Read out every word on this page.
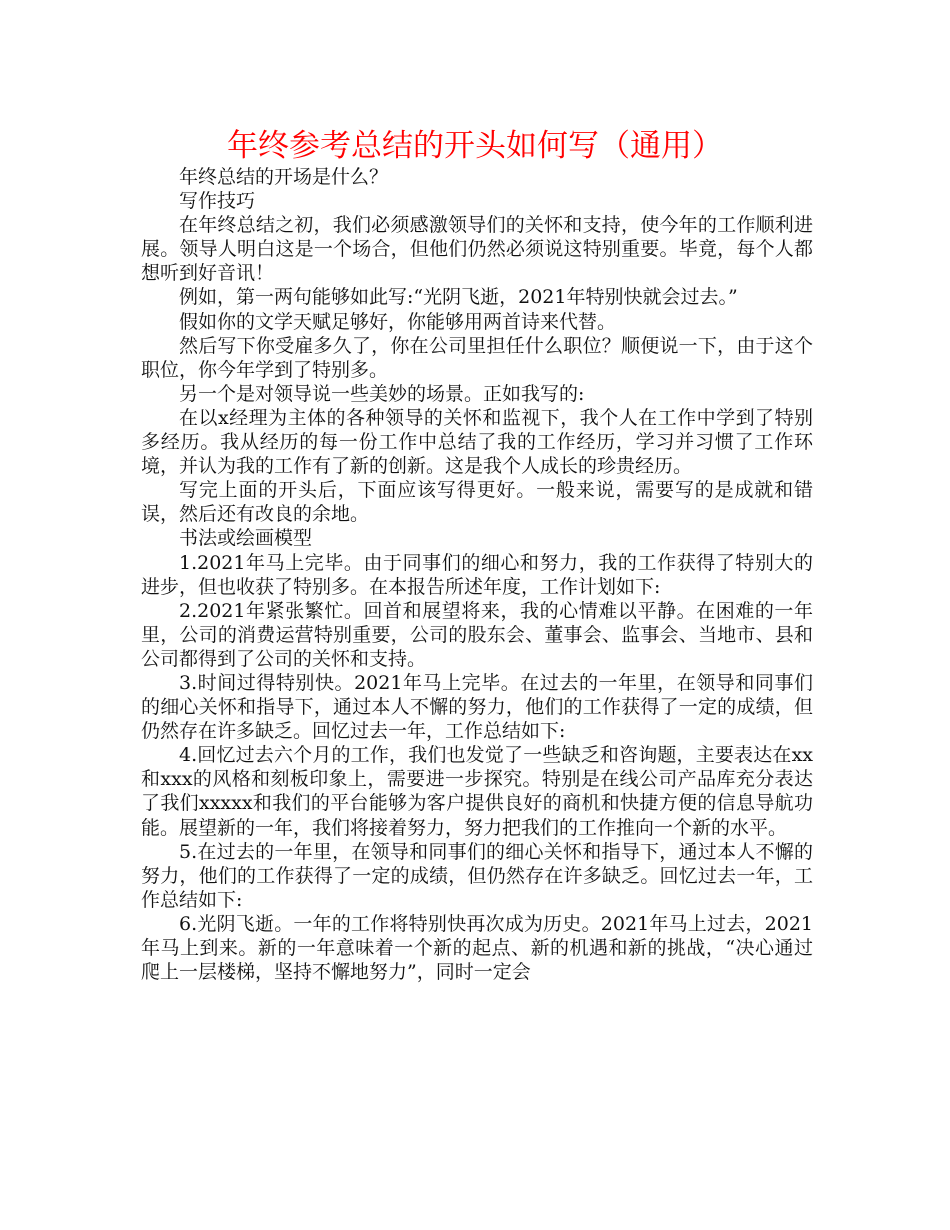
年终参考总结的开头如何写（通用）

年终总结的开场是什么？

写作技巧

在年终总结之初，我们必须感激领导们的关怀和支持，使今年的工作顺利进展。领导人明白这是一个场合，但他们仍然必须说这特别重要。毕竟，每个人都想听到好音讯！

例如，第一两句能够如此写:“光阴飞逝，2021年特别快就会过去。”

假如你的文学天赋足够好，你能够用两首诗来代替。

然后写下你受雇多久了，你在公司里担任什么职位？顺便说一下，由于这个职位，你今年学到了特别多。

另一个是对领导说一些美妙的场景。正如我写的:

在以x经理为主体的各种领导的关怀和监视下，我个人在工作中学到了特别多经历。我从经历的每一份工作中总结了我的工作经历，学习并习惯了工作环境，并认为我的工作有了新的创新。这是我个人成长的珍贵经历。

写完上面的开头后，下面应该写得更好。一般来说，需要写的是成就和错误，然后还有改良的余地。

书法或绘画模型

1.2021年马上完毕。由于同事们的细心和努力，我的工作获得了特别大的进步，但也收获了特别多。在本报告所述年度，工作计划如下:

2.2021年紧张繁忙。回首和展望将来，我的心情难以平静。在困难的一年里，公司的消费运营特别重要，公司的股东会、董事会、监事会、当地市、县和公司都得到了公司的关怀和支持。

3.时间过得特别快。2021年马上完毕。在过去的一年里，在领导和同事们的细心关怀和指导下，通过本人不懈的努力，他们的工作获得了一定的成绩，但仍然存在许多缺乏。回忆过去一年，工作总结如下:

4.回忆过去六个月的工作，我们也发觉了一些缺乏和咨询题，主要表达在xx和xxx的风格和刻板印象上，需要进一步探究。特别是在线公司产品库充分表达了我们xxxxx和我们的平台能够为客户提供良好的商机和快捷方便的信息导航功能。展望新的一年，我们将接着努力，努力把我们的工作推向一个新的水平。

5.在过去的一年里，在领导和同事们的细心关怀和指导下，通过本人不懈的努力，他们的工作获得了一定的成绩，但仍然存在许多缺乏。回忆过去一年，工作总结如下:

6.光阴飞逝。一年的工作将特别快再次成为历史。2021年马上过去，2021年马上到来。新的一年意味着一个新的起点、新的机遇和新的挑战，“决心通过爬上一层楼梯，坚持不懈地努力”，同时一定会
